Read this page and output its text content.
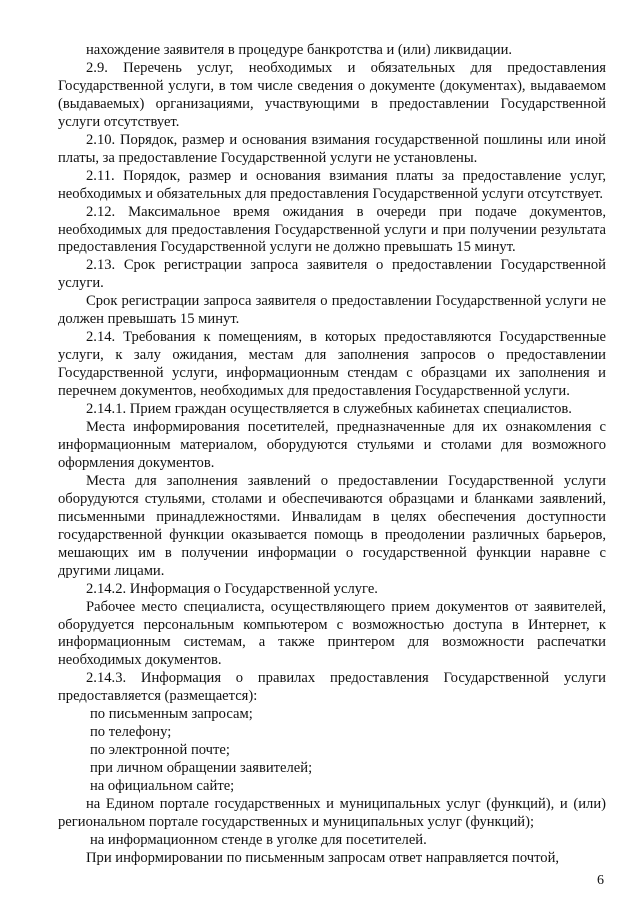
нахождение заявителя в процедуре банкротства и (или) ликвидации.

2.9. Перечень услуг, необходимых и обязательных для предоставления Государственной услуги, в том числе сведения о документе (документах), выдаваемом (выдаваемых) организациями, участвующими в предоставлении Государственной услуги отсутствует.

2.10. Порядок, размер и основания взимания государственной пошлины или иной платы, за предоставление Государственной услуги не установлены.

2.11. Порядок, размер и основания взимания платы за предоставление услуг, необходимых и обязательных для предоставления Государственной услуги отсутствует.

2.12. Максимальное время ожидания в очереди при подаче документов, необходимых для предоставления Государственной услуги и при получении результата предоставления Государственной услуги не должно превышать 15 минут.

2.13. Срок регистрации запроса заявителя о предоставлении Государственной услуги.

Срок регистрации запроса заявителя о предоставлении Государственной услуги не должен превышать 15 минут.

2.14. Требования к помещениям, в которых предоставляются Государственные услуги, к залу ожидания, местам для заполнения запросов о предоставлении Государственной услуги, информационным стендам с образцами их заполнения и перечнем документов, необходимых для предоставления Государственной услуги.

2.14.1. Прием граждан осуществляется в служебных кабинетах специалистов.

Места информирования посетителей, предназначенные для их ознакомления с информационным материалом, оборудуются стульями и столами для возможного оформления документов.

Места для заполнения заявлений о предоставлении Государственной услуги оборудуются стульями, столами и обеспечиваются образцами и бланками заявлений, письменными принадлежностями. Инвалидам в целях обеспечения доступности государственной функции оказывается помощь в преодолении различных барьеров, мешающих им в получении информации о государственной функции наравне с другими лицами.

2.14.2. Информация о Государственной услуге.

Рабочее место специалиста, осуществляющего прием документов от заявителей, оборудуется персональным компьютером с возможностью доступа в Интернет, к информационным системам, а также принтером для возможности распечатки необходимых документов.

2.14.3. Информация о правилах предоставления Государственной услуги предоставляется (размещается):

по письменным запросам;

по телефону;

по электронной почте;

при личном обращении заявителей;

на официальном сайте;

на Едином портале государственных и муниципальных услуг (функций), и (или) региональном портале государственных и муниципальных услуг (функций);

на информационном стенде в уголке для посетителей.

При информировании по письменным запросам ответ направляется почтой,

6
